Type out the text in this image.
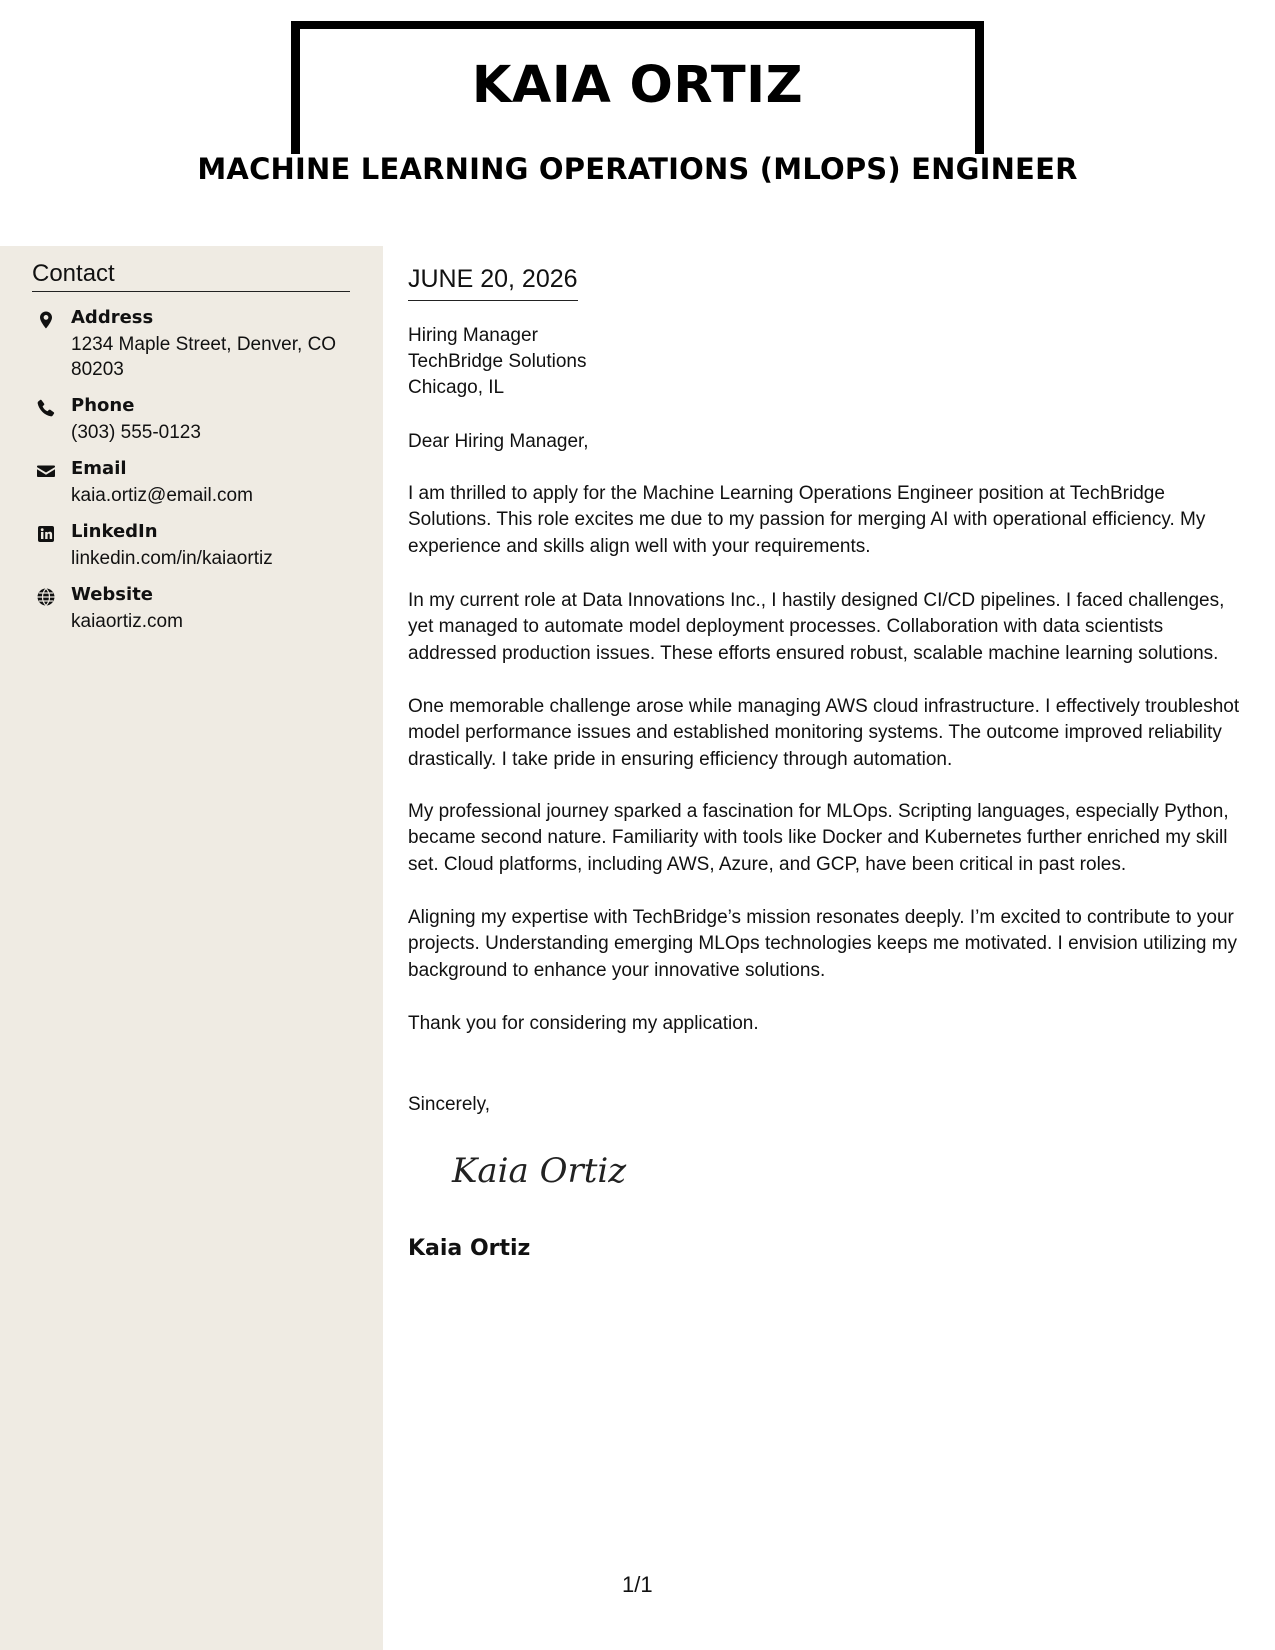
KAIA ORTIZ
MACHINE LEARNING OPERATIONS (MLOPS) ENGINEER
Contact
Address
1234 Maple Street, Denver, CO 80203
Phone
(303) 555-0123
Email
kaia.ortiz@email.com
LinkedIn
linkedin.com/in/kaiaortiz
Website
kaiaortiz.com
JUNE 20, 2026
Hiring Manager
TechBridge Solutions
Chicago, IL
Dear Hiring Manager,
I am thrilled to apply for the Machine Learning Operations Engineer position at TechBridge Solutions. This role excites me due to my passion for merging AI with operational efficiency. My experience and skills align well with your requirements.
In my current role at Data Innovations Inc., I hastily designed CI/CD pipelines. I faced challenges, yet managed to automate model deployment processes. Collaboration with data scientists addressed production issues. These efforts ensured robust, scalable machine learning solutions.
One memorable challenge arose while managing AWS cloud infrastructure. I effectively troubleshot model performance issues and established monitoring systems. The outcome improved reliability drastically. I take pride in ensuring efficiency through automation.
My professional journey sparked a fascination for MLOps. Scripting languages, especially Python, became second nature. Familiarity with tools like Docker and Kubernetes further enriched my skill set. Cloud platforms, including AWS, Azure, and GCP, have been critical in past roles.
Aligning my expertise with TechBridge’s mission resonates deeply. I’m excited to contribute to your projects. Understanding emerging MLOps technologies keeps me motivated. I envision utilizing my background to enhance your innovative solutions.
Thank you for considering my application.
Sincerely,
Kaia Ortiz
Kaia Ortiz
1/1
